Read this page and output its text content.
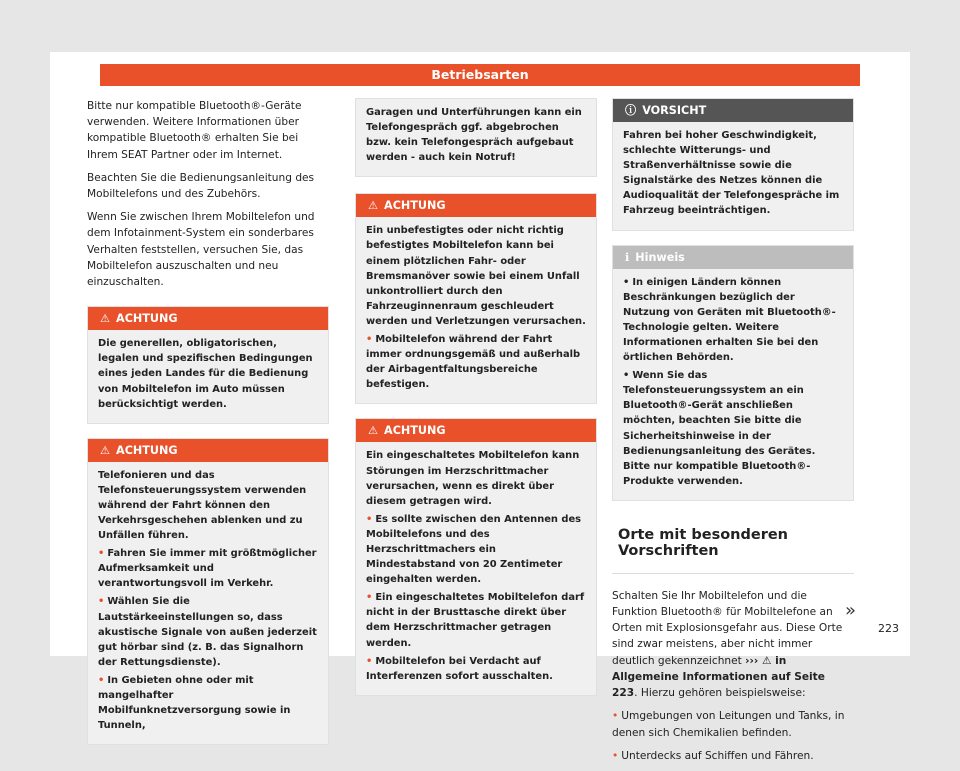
Betriebsarten

Bitte nur kompatible Bluetooth®-Geräte verwenden. Weitere Informationen über kompatible Bluetooth® erhalten Sie bei Ihrem SEAT Partner oder im Internet.

Beachten Sie die Bedienungsanleitung des Mobiltelefons und des Zubehörs.

Wenn Sie zwischen Ihrem Mobiltelefon und dem Infotainment-System ein sonderbares Verhalten feststellen, versuchen Sie, das Mobiltelefon auszuschalten und neu einzuschalten.

⚠ ACHTUNG

Die generellen, obligatorischen, legalen und spezifischen Bedingungen eines jeden Landes für die Bedienung von Mobiltelefon im Auto müssen berücksichtigt werden.

⚠ ACHTUNG

Telefonieren und das Telefonsteuerungssystem verwenden während der Fahrt können den Verkehrsgeschehen ablenken und zu Unfällen führen.

• Fahren Sie immer mit größtmöglicher Aufmerksamkeit und verantwortungsvoll im Verkehr.

• Wählen Sie die Lautstärkeeinstellungen so, dass akustische Signale von außen jederzeit gut hörbar sind (z. B. das Signalhorn der Rettungsdienste).

• In Gebieten ohne oder mit mangelhafter Mobilfunknetzversorgung sowie in Tunneln,

Garagen und Unterführungen kann ein Telefongespräch ggf. abgebrochen bzw. kein Telefongespräch aufgebaut werden - auch kein Notruf!

⚠ ACHTUNG

Ein unbefestigtes oder nicht richtig befestigtes Mobiltelefon kann bei einem plötzlichen Fahr- oder Bremsmanöver sowie bei einem Unfall unkontrolliert durch den Fahrzeuginnenraum geschleudert werden und Verletzungen verursachen.

• Mobiltelefon während der Fahrt immer ordnungsgemäß und außerhalb der Airbagentfaltungsbereiche befestigen.

⚠ ACHTUNG

Ein eingeschaltetes Mobiltelefon kann Störungen im Herzschrittmacher verursachen, wenn es direkt über diesem getragen wird.

• Es sollte zwischen den Antennen des Mobiltelefons und des Herzschrittmachers ein Mindestabstand von 20 Zentimeter eingehalten werden.

• Ein eingeschaltetes Mobiltelefon darf nicht in der Brusttasche direkt über dem Herzschrittmacher getragen werden.

• Mobiltelefon bei Verdacht auf Interferenzen sofort ausschalten.

ⓘ VORSICHT

Fahren bei hoher Geschwindigkeit, schlechte Witterungs- und Straßenverhältnisse sowie die Signalstärke des Netzes können die Audioqualität der Telefongespräche im Fahrzeug beeinträchtigen.

ℹ Hinweis

• In einigen Ländern können Beschränkungen bezüglich der Nutzung von Geräten mit Bluetooth®-Technologie gelten. Weitere Informationen erhalten Sie bei den örtlichen Behörden.

• Wenn Sie das Telefonsteuerungssystem an ein Bluetooth®-Gerät anschließen möchten, beachten Sie bitte die Sicherheitshinweise in der Bedienungsanleitung des Gerätes. Bitte nur kompatible Bluetooth®-Produkte verwenden.

Orte mit besonderen Vorschriften

Schalten Sie Ihr Mobiltelefon und die Funktion Bluetooth® für Mobiltelefone an Orten mit Explosionsgefahr aus. Diese Orte sind zwar meistens, aber nicht immer deutlich gekennzeichnet ››› ⚠ in Allgemeine Informationen auf Seite 223. Hierzu gehören beispielsweise:

• Umgebungen von Leitungen und Tanks, in denen sich Chemikalien befinden.

• Unterdecks auf Schiffen und Fähren.

»
223
